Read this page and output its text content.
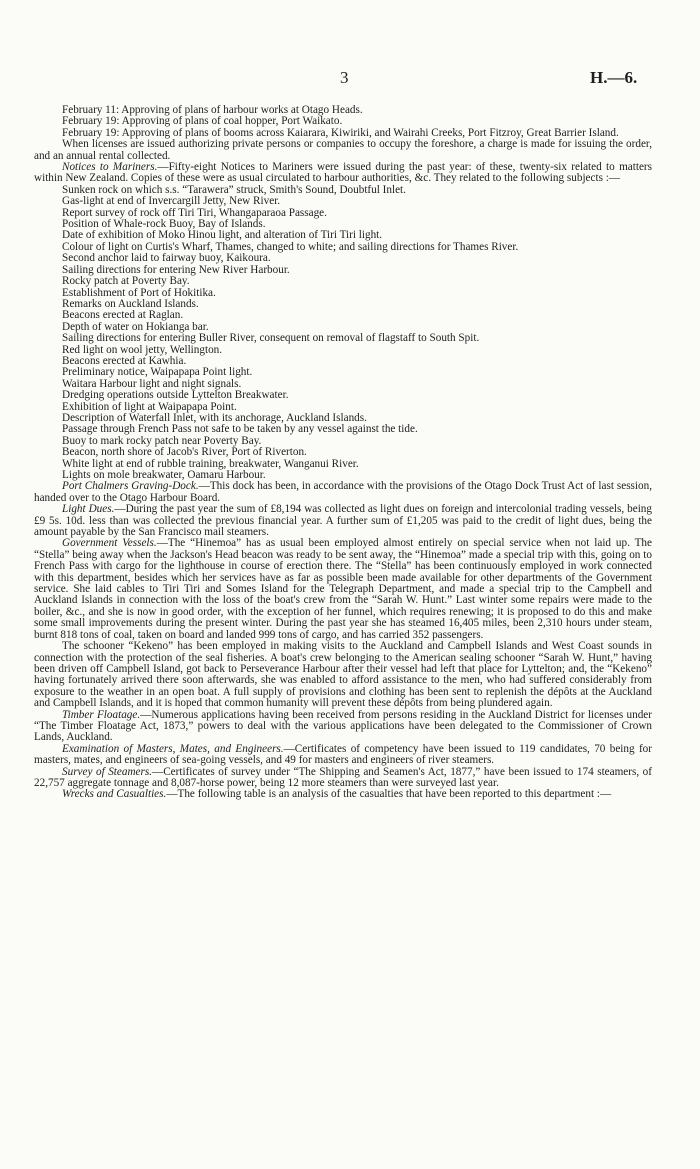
3	H.—6.

February 11: Approving of plans of harbour works at Otago Heads.

February 19: Approving of plans of coal hopper, Port Waikato.

February 19: Approving of plans of booms across Kaiarara, Kiwiriki, and Wairahi Creeks, Port Fitzroy, Great Barrier Island.

When licenses are issued authorizing private persons or companies to occupy the foreshore, a charge is made for issuing the order, and an annual rental collected.

Notices to Mariners.—Fifty-eight Notices to Mariners were issued during the past year: of these, twenty-six related to matters within New Zealand. Copies of these were as usual circulated to harbour authorities, &c. They related to the following subjects :—

Sunken rock on which s.s. “Tarawera” struck, Smith's Sound, Doubtful Inlet.

Gas-light at end of Invercargill Jetty, New River.

Report survey of rock off Tiri Tiri, Whangaparaoa Passage.

Position of Whale-rock Buoy, Bay of Islands.

Date of exhibition of Moko Hinou light, and alteration of Tiri Tiri light.

Colour of light on Curtis's Wharf, Thames, changed to white; and sailing directions for Thames River.

Second anchor laid to fairway buoy, Kaikoura.

Sailing directions for entering New River Harbour.

Rocky patch at Poverty Bay.

Establishment of Port of Hokitika.

Remarks on Auckland Islands.

Beacons erected at Raglan.

Depth of water on Hokianga bar.

Sailing directions for entering Buller River, consequent on removal of flagstaff to South Spit.

Red light on wool jetty, Wellington.

Beacons erected at Kawhia.

Preliminary notice, Waipapapa Point light.

Waitara Harbour light and night signals.

Dredging operations outside Lyttelton Breakwater.

Exhibition of light at Waipapapa Point.

Description of Waterfall Inlet, with its anchorage, Auckland Islands.

Passage through French Pass not safe to be taken by any vessel against the tide.

Buoy to mark rocky patch near Poverty Bay.

Beacon, north shore of Jacob's River, Port of Riverton.

White light at end of rubble training, breakwater, Wanganui River.

Lights on mole breakwater, Oamaru Harbour.

Port Chalmers Graving-Dock.—This dock has been, in accordance with the provisions of the Otago Dock Trust Act of last session, handed over to the Otago Harbour Board.

Light Dues.—During the past year the sum of £8,194 was collected as light dues on foreign and intercolonial trading vessels, being £9 5s. 10d. less than was collected the previous financial year. A further sum of £1,205 was paid to the credit of light dues, being the amount payable by the San Francisco mail steamers.

Government Vessels.—The “Hinemoa” has as usual been employed almost entirely on special service when not laid up. The “Stella” being away when the Jackson's Head beacon was ready to be sent away, the “Hinemoa” made a special trip with this, going on to French Pass with cargo for the lighthouse in course of erection there. The “Stella” has been continuously employed in work connected with this department, besides which her services have as far as possible been made available for other departments of the Government service. She laid cables to Tiri Tiri and Somes Island for the Telegraph Department, and made a special trip to the Campbell and Auckland Islands in connection with the loss of the boat's crew from the “Sarah W. Hunt.” Last winter some repairs were made to the boiler, &c., and she is now in good order, with the exception of her funnel, which requires renewing; it is proposed to do this and make some small improvements during the present winter. During the past year she has steamed 16,405 miles, been 2,310 hours under steam, burnt 818 tons of coal, taken on board and landed 999 tons of cargo, and has carried 352 passengers.

The schooner “Kekeno” has been employed in making visits to the Auckland and Campbell Islands and West Coast sounds in connection with the protection of the seal fisheries. A boat's crew belonging to the American sealing schooner “Sarah W. Hunt,” having been driven off Campbell Island, got back to Perseverance Harbour after their vessel had left that place for Lyttelton; and, the “Kekeno” having fortunately arrived there soon afterwards, she was enabled to afford assistance to the men, who had suffered considerably from exposure to the weather in an open boat. A full supply of provisions and clothing has been sent to replenish the dépôts at the Auckland and Campbell Islands, and it is hoped that common humanity will prevent these dépôts from being plundered again.

Timber Floatage.—Numerous applications having been received from persons residing in the Auckland District for licenses under “The Timber Floatage Act, 1873,” powers to deal with the various applications have been delegated to the Commissioner of Crown Lands, Auckland.

Examination of Masters, Mates, and Engineers.—Certificates of competency have been issued to 119 candidates, 70 being for masters, mates, and engineers of sea-going vessels, and 49 for masters and engineers of river steamers.

Survey of Steamers.—Certificates of survey under “The Shipping and Seamen's Act, 1877,” have been issued to 174 steamers, of 22,757 aggregate tonnage and 8,087-horse power, being 12 more steamers than were surveyed last year.

Wrecks and Casualties.—The following table is an analysis of the casualties that have been reported to this department :—
